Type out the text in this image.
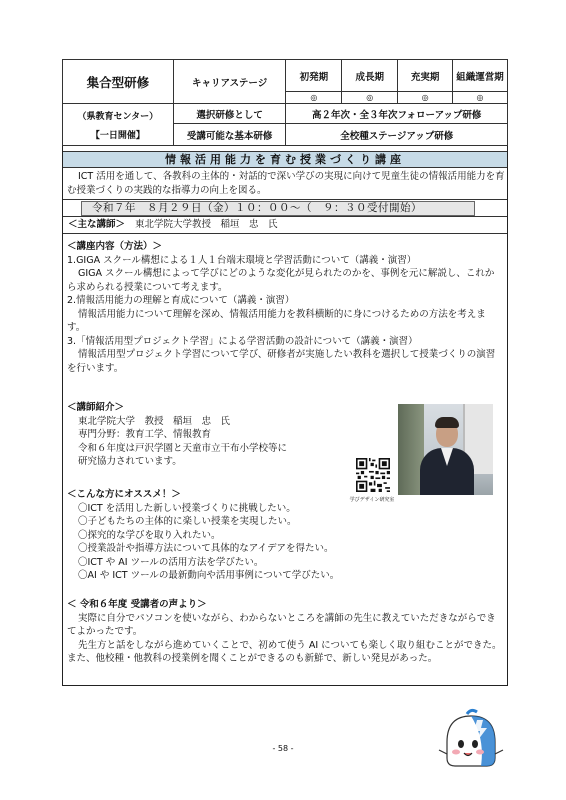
集合型研修	キャリアステージ	初発期	成長期	充実期	組織運営期
		◎	◎	◎	◎

（県教育センター）
【一日開催】	選択研修として	高２年次・全３年次フォローアップ研修			
	受講可能な基本研修	全校種ステージアップ研修			
情報活用能力を育む授業づくり講座
ICT 活用を通して、各教科の主体的・対話的で深い学びの実現に向けて児童生徒の情報活用能力を育む授業づくりの実践的な指導力の向上を図る。
令和７年　８月２９日（金）１０：００～（　９：３０受付開始）
＜主な講師＞ 東北学院大学教授　稲垣　忠　氏
＜講座内容（方法）＞
1.GIGA スクール構想による１人１台端末環境と学習活動について（講義・演習）
GIGA スクール構想によって学びにどのような変化が見られたのかを、事例を元に解説し、これから求められる授業について考えます。
2.情報活用能力の理解と育成について（講義・演習）
情報活用能力について理解を深め、情報活用能力を教科横断的に身につけるための方法を考えます。
3.「情報活用型プロジェクト学習」による学習活動の設計について（講義・演習）
情報活用型プロジェクト学習について学び、研修者が実施したい教科を選択して授業づくりの演習を行います。
＜講師紹介＞
東北学院大学　教授　稲垣　忠　氏
専門分野：教育工学、情報教育
令和６年度は戸沢学園と天童市立干布小学校等に
研究協力されています。
学びデザイン研究室
＜こんな方にオススメ！＞
〇ICT を活用した新しい授業づくりに挑戦したい。
〇子どもたちの主体的に楽しい授業を実現したい。
〇探究的な学びを取り入れたい。
〇授業設計や指導方法について具体的なアイデアを得たい。
〇ICT や AI ツールの活用方法を学びたい。
〇AI や ICT ツールの最新動向や活用事例について学びたい。
＜ 令和６年度 受講者の声より＞
実際に自分でパソコンを使いながら、わからないところを講師の先生に教えていただきながらできてよかったです。
先生方と話をしながら進めていくことで、初めて使う AI についても楽しく取り組むことができた。また、他校種・他教科の授業例を聞くことができるのも新鮮で、新しい発見があった。
- 58 -
